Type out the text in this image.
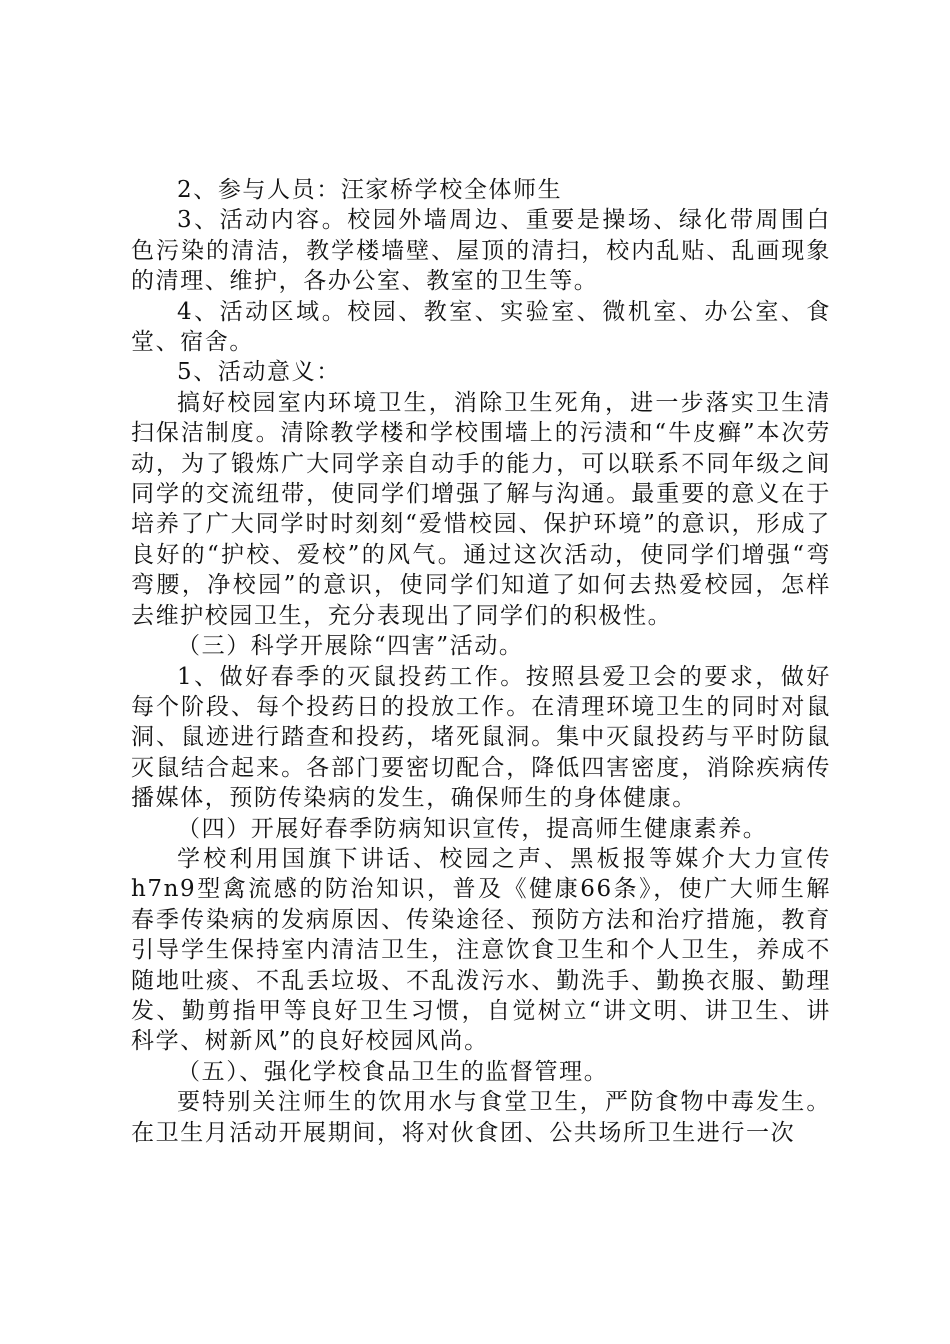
2、参与人员：汪家桥学校全体师生

3、活动内容。校园外墙周边、重要是操场、绿化带周围白色污染的清洁，教学楼墙壁、屋顶的清扫，校内乱贴、乱画现象的清理、维护，各办公室、教室的卫生等。

4、活动区域。校园、教室、实验室、微机室、办公室、食堂、宿舍。

5、活动意义：

搞好校园室内环境卫生，消除卫生死角，进一步落实卫生清扫保洁制度。清除教学楼和学校围墙上的污渍和“牛皮癣”本次劳动，为了锻炼广大同学亲自动手的能力，可以联系不同年级之间同学的交流纽带，使同学们增强了解与沟通。最重要的意义在于培养了广大同学时时刻刻“爱惜校园、保护环境”的意识，形成了良好的“护校、爱校”的风气。通过这次活动，使同学们增强“弯弯腰，净校园”的意识，使同学们知道了如何去热爱校园，怎样去维护校园卫生，充分表现出了同学们的积极性。

（三）科学开展除“四害”活动。

1、做好春季的灭鼠投药工作。按照县爱卫会的要求，做好每个阶段、每个投药日的投放工作。在清理环境卫生的同时对鼠洞、鼠迹进行踏查和投药，堵死鼠洞。集中灭鼠投药与平时防鼠灭鼠结合起来。各部门要密切配合，降低四害密度，消除疾病传播媒体，预防传染病的发生，确保师生的身体健康。

（四）开展好春季防病知识宣传，提高师生健康素养。

学校利用国旗下讲话、校园之声、黑板报等媒介大力宣传h7n9型禽流感的防治知识，普及《健康66条》，使广大师生解春季传染病的发病原因、传染途径、预防方法和治疗措施，教育引导学生保持室内清洁卫生，注意饮食卫生和个人卫生，养成不随地吐痰、不乱丢垃圾、不乱泼污水、勤洗手、勤换衣服、勤理发、勤剪指甲等良好卫生习惯，自觉树立“讲文明、讲卫生、讲科学、树新风”的良好校园风尚。

（五）、强化学校食品卫生的监督管理。

要特别关注师生的饮用水与食堂卫生，严防食物中毒发生。在卫生月活动开展期间，将对伙食团、公共场所卫生进行一次
